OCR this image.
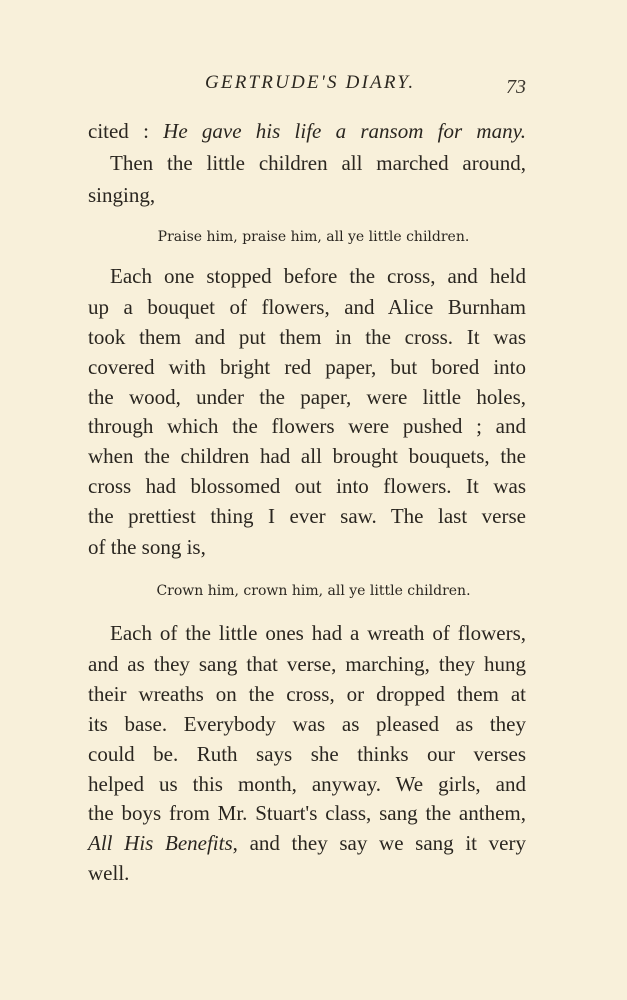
GERTRUDE'S DIARY.	73
cited : He gave his life a ransom for many.
Then the little children all marched around,
singing,
Praise him, praise him, all ye little children.
Each one stopped before the cross, and held
up a bouquet of flowers, and Alice Burnham
took them and put them in the cross. It was
covered with bright red paper, but bored into
the wood, under the paper, were little holes,
through which the flowers were pushed ; and
when the children had all brought bouquets, the
cross had blossomed out into flowers. It was
the prettiest thing I ever saw. The last verse
of the song is,
Crown him, crown him, all ye little children.
Each of the little ones had a wreath of flowers,
and as they sang that verse, marching, they hung
their wreaths on the cross, or dropped them at
its base. Everybody was as pleased as they
could be. Ruth says she thinks our verses
helped us this month, anyway. We girls, and
the boys from Mr. Stuart's class, sang the anthem,
All His Benefits, and they say we sang it very
well.
